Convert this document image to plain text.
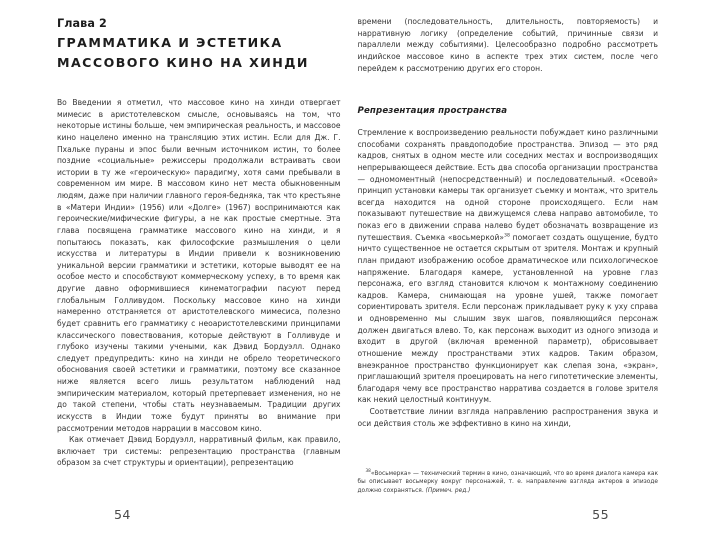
Глава 2
ГРАММАТИКА И ЭСТЕТИКА
МАССОВОГО КИНО НА ХИНДИ

Во Введении я отметил, что массовое кино на хинди отвергает мимесис в аристотелевском смысле, основываясь на том, что некоторые истины больше, чем эмпирическая реальность, и массовое кино нацелено именно на трансляцию этих истин. Если для Дж. Г. Пхальке пураны и эпос были вечным источником истин, то более поздние «социальные» режиссеры продолжали встраивать свои истории в ту же «героическую» парадигму, хотя сами пребывали в современном им мире. В массовом кино нет места обыкновенным людям, даже при наличии главного героя-бедняка, так что крестьяне в «Матери Индии» (1956) или «Долге» (1967) воспринимаются как героические/мифические фигуры, а не как простые смертные. Эта глава посвящена грамматике массового кино на хинди, и я попытаюсь показать, как философские размышления о цели искусства и литературы в Индии привели к возникновению уникальной версии грамматики и эстетики, которые выводят ее на особое место и способствуют коммерческому успеху, в то время как другие давно оформившиеся кинематографии пасуют перед глобальным Голливудом. Поскольку массовое кино на хинди намеренно отстраняется от аристотелевского мимесиса, полезно будет сравнить его грамматику с неоаристотелевскими принципами классического повествования, которые действуют в Голливуде и глубоко изучены такими учеными, как Дэвид Бордуэлл. Однако следует предупредить: кино на хинди не обрело теоретического обоснования своей эстетики и грамматики, поэтому все сказанное ниже является всего лишь результатом наблюдений над эмпирическим материалом, который претерпевает изменения, но не до такой степени, чтобы стать неузнаваемым. Традиции других искусств в Индии тоже будут приняты во внимание при рассмотрении методов наррации в массовом кино.

Как отмечает Дэвид Бордуэлл, нарративный фильм, как правило, включает три системы: репрезентацию пространства (главным образом за счет структуры и ориентации), репрезентацию

54

времени (последовательность, длительность, повторяемость) и нарративную логику (определение событий, причинные связи и параллели между событиями). Целесообразно подробно рассмотреть индийское массовое кино в аспекте трех этих систем, после чего перейдем к рассмотрению других его сторон.

Репрезентация пространства

Стремление к воспроизведению реальности побуждает кино различными способами сохранять правдоподобие пространства. Эпизод — это ряд кадров, снятых в одном месте или соседних местах и воспроизводящих непрерывающееся действие. Есть два способа организации пространства — одномоментный (непосредственный) и последовательный. «Осевой» принцип установки камеры так организует съемку и монтаж, что зритель всегда находится на одной стороне происходящего. Если нам показывают путешествие на движущемся слева направо автомобиле, то показ его в движении справа налево будет обозначать возвращение из путешествия. Съемка «восьмеркой»$^{38}$ помогает создать ощущение, будто ничто существенное не остается скрытым от зрителя. Монтаж и крупный план придают изображению особое драматическое или психологическое напряжение. Благодаря камере, установленной на уровне глаз персонажа, его взгляд становится ключом к монтажному соединению кадров. Камера, снимающая на уровне ушей, также помогает сориентировать зрителя. Если персонаж прикладывает руку к уху справа и одновременно мы слышим звук шагов, появляющийся персонаж должен двигаться влево. То, как персонаж выходит из одного эпизода и входит в другой (включая временной параметр), обрисовывает отношение между пространствами этих кадров. Таким образом, внеэкранное пространство функционирует как слепая зона, «экран», приглашающий зрителя проецировать на него гипотетические элементы, благодаря чему все пространство нарратива создается в голове зрителя как некий целостный континуум.

Соответствие линии взгляда направлению распространения звука и оси действия столь же эффективно в кино на хинди,

$^{38}$«Восьмерка» — технический термин в кино, означающий, что во время диалога камера как бы описывает восьмерку вокруг персонажей, т. е. направление взгляда актеров в эпизоде должно сохраняться. (Примеч. ред.)

55
